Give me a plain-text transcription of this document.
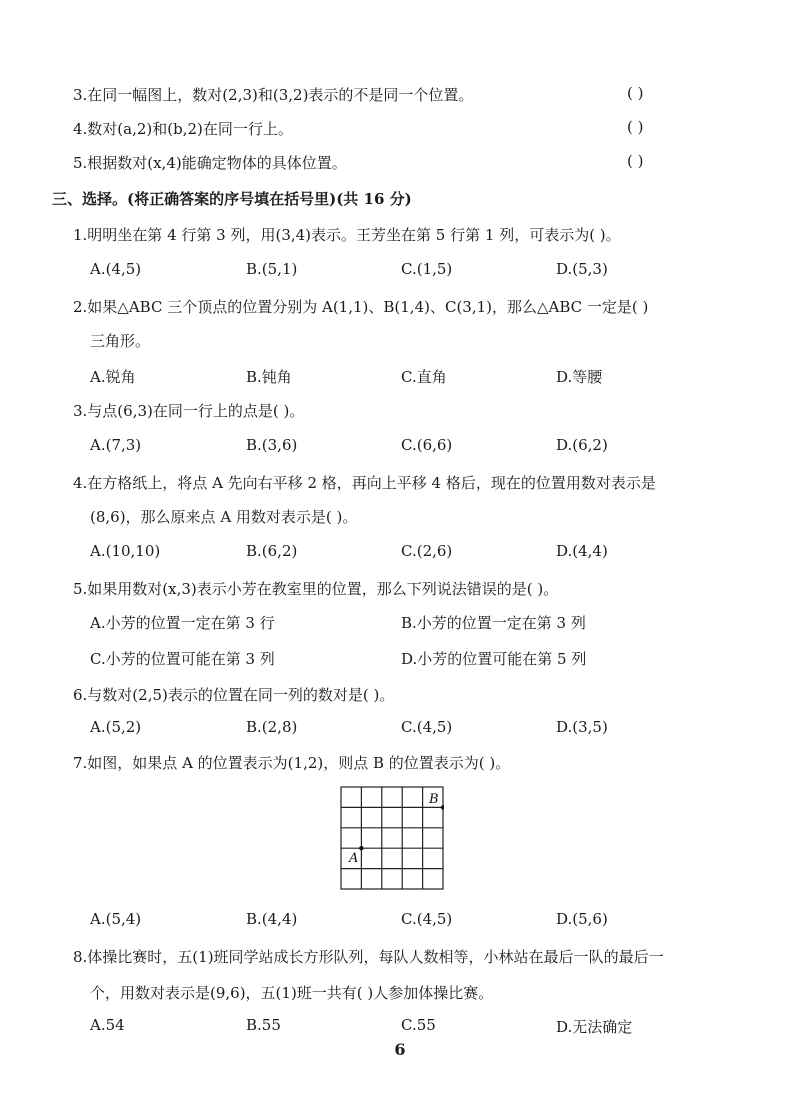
3.在同一幅图上，数对(2,3)和(3,2)表示的不是同一个位置。	( )
4.数对(a,2)和(b,2)在同一行上。	( )
5.根据数对(x,4)能确定物体的具体位置。	( )
三、选择。(将正确答案的序号填在括号里)(共 16 分)
1.明明坐在第 4 行第 3 列，用(3,4)表示。王芳坐在第 5 行第 1 列，可表示为( )。
A.(4,5)	B.(5,1)	C.(1,5)	D.(5,3)
2.如果△ABC 三个顶点的位置分别为 A(1,1)、B(1,4)、C(3,1)，那么△ABC 一定是( )
三角形。
A.锐角	B.钝角	C.直角	D.等腰
3.与点(6,3)在同一行上的点是( )。
A.(7,3)	B.(3,6)	C.(6,6)	D.(6,2)
4.在方格纸上，将点 A 先向右平移 2 格，再向上平移 4 格后，现在的位置用数对表示是
(8,6)，那么原来点 A 用数对表示是( )。
A.(10,10)	B.(6,2)	C.(2,6)	D.(4,4)
5.如果用数对(x,3)表示小芳在教室里的位置，那么下列说法错误的是( )。
A.小芳的位置一定在第 3 行	B.小芳的位置一定在第 3 列
C.小芳的位置可能在第 3 列	D.小芳的位置可能在第 5 列
6.与数对(2,5)表示的位置在同一列的数对是( )。
A.(5,2)	B.(2,8)	C.(4,5)	D.(3,5)
7.如图，如果点 A 的位置表示为(1,2)，则点 B 的位置表示为( )。
A
B
A.(5,4)	B.(4,4)	C.(4,5)	D.(5,6)
8.体操比赛时，五(1)班同学站成长方形队列，每队人数相等，小林站在最后一队的最后一
个，用数对表示是(9,6)，五(1)班一共有( )人参加体操比赛。
A.54	B.55	C.55	D.无法确定
6
